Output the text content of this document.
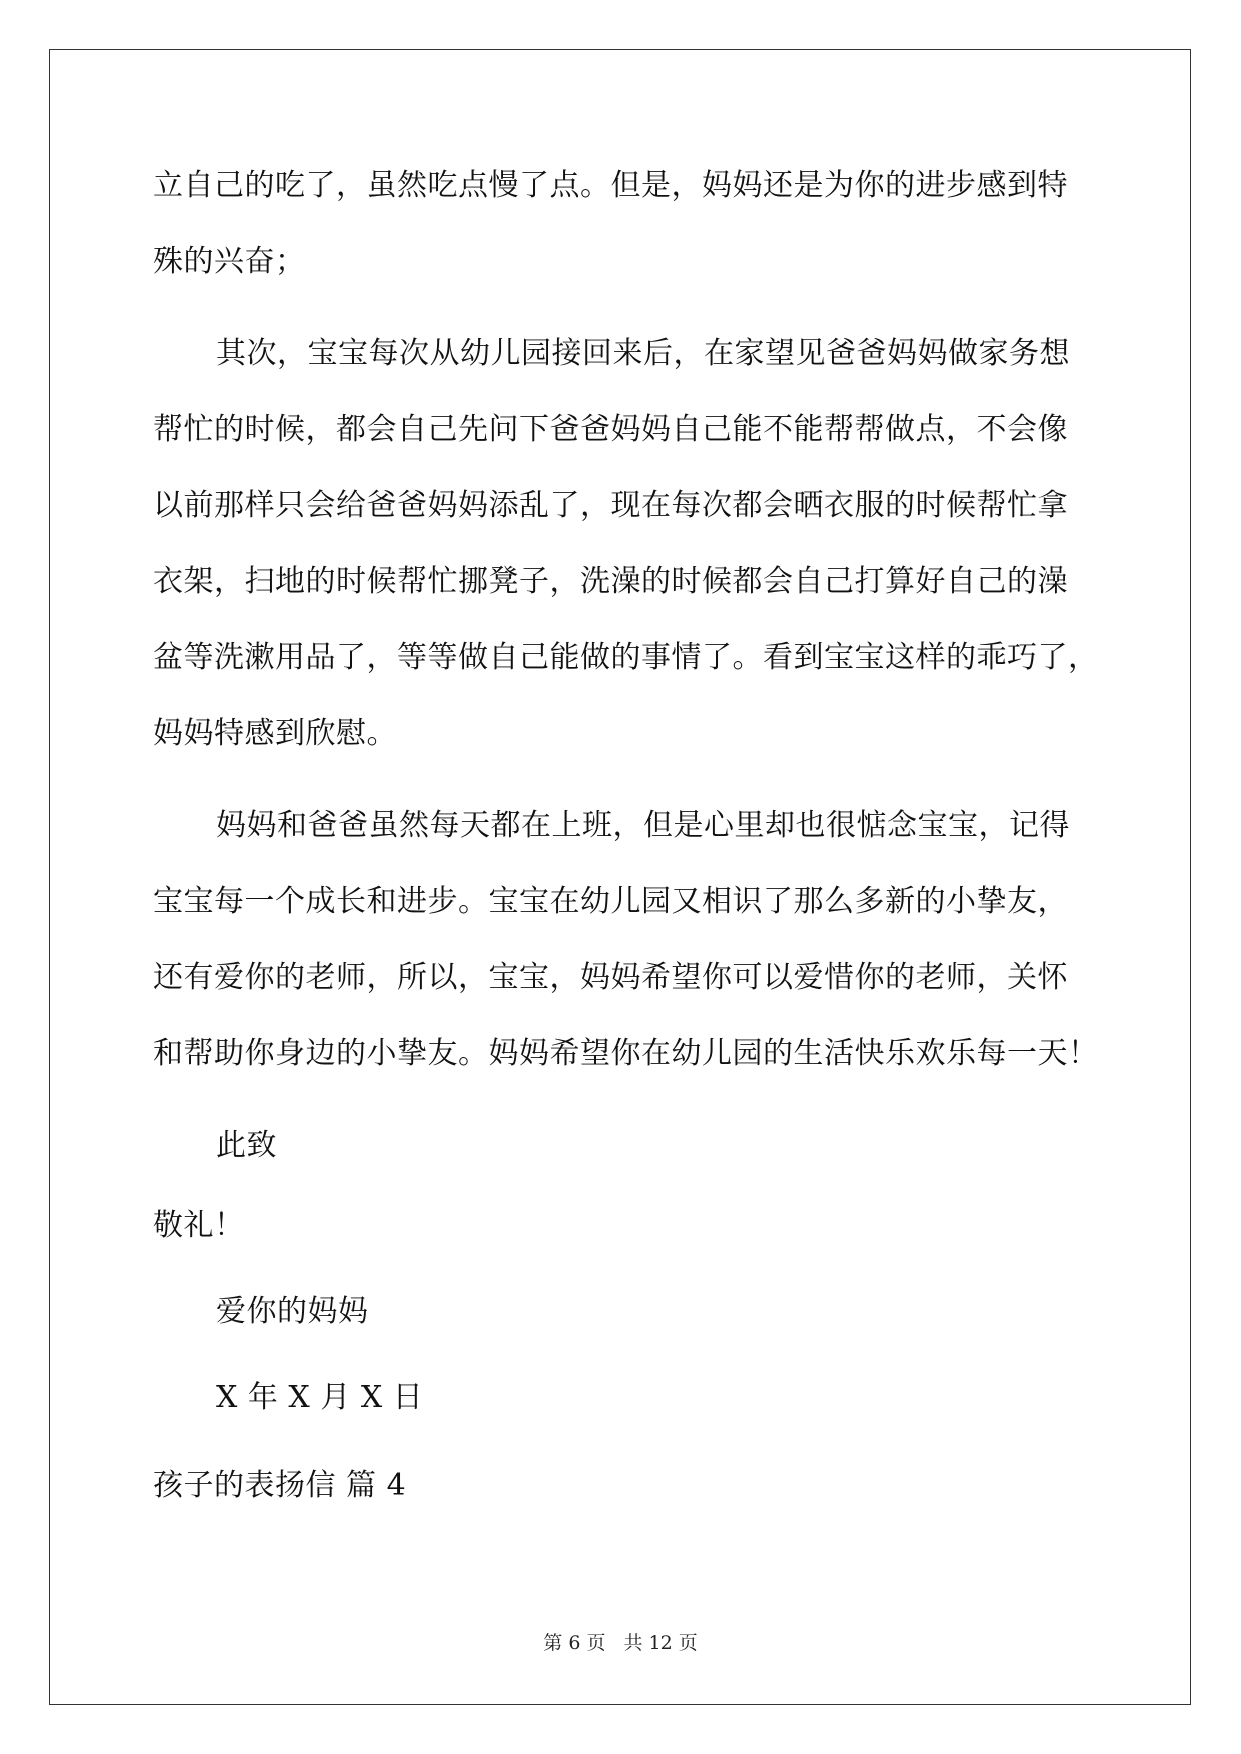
立自己的吃了，虽然吃点慢了点。但是，妈妈还是为你的进步感到特
殊的兴奋；
其次，宝宝每次从幼儿园接回来后，在家望见爸爸妈妈做家务想
帮忙的时候，都会自己先问下爸爸妈妈自己能不能帮帮做点，不会像
以前那样只会给爸爸妈妈添乱了，现在每次都会晒衣服的时候帮忙拿
衣架，扫地的时候帮忙挪凳子，洗澡的时候都会自己打算好自己的澡
盆等洗漱用品了，等等做自己能做的事情了。看到宝宝这样的乖巧了，
妈妈特感到欣慰。
妈妈和爸爸虽然每天都在上班，但是心里却也很惦念宝宝，记得
宝宝每一个成长和进步。宝宝在幼儿园又相识了那么多新的小挚友，
还有爱你的老师，所以，宝宝，妈妈希望你可以爱惜你的老师，关怀
和帮助你身边的小挚友。妈妈希望你在幼儿园的生活快乐欢乐每一天！
此致
敬礼！
爱你的妈妈
X 年 X 月 X 日
孩子的表扬信 篇 4
第 6 页 共 12 页
